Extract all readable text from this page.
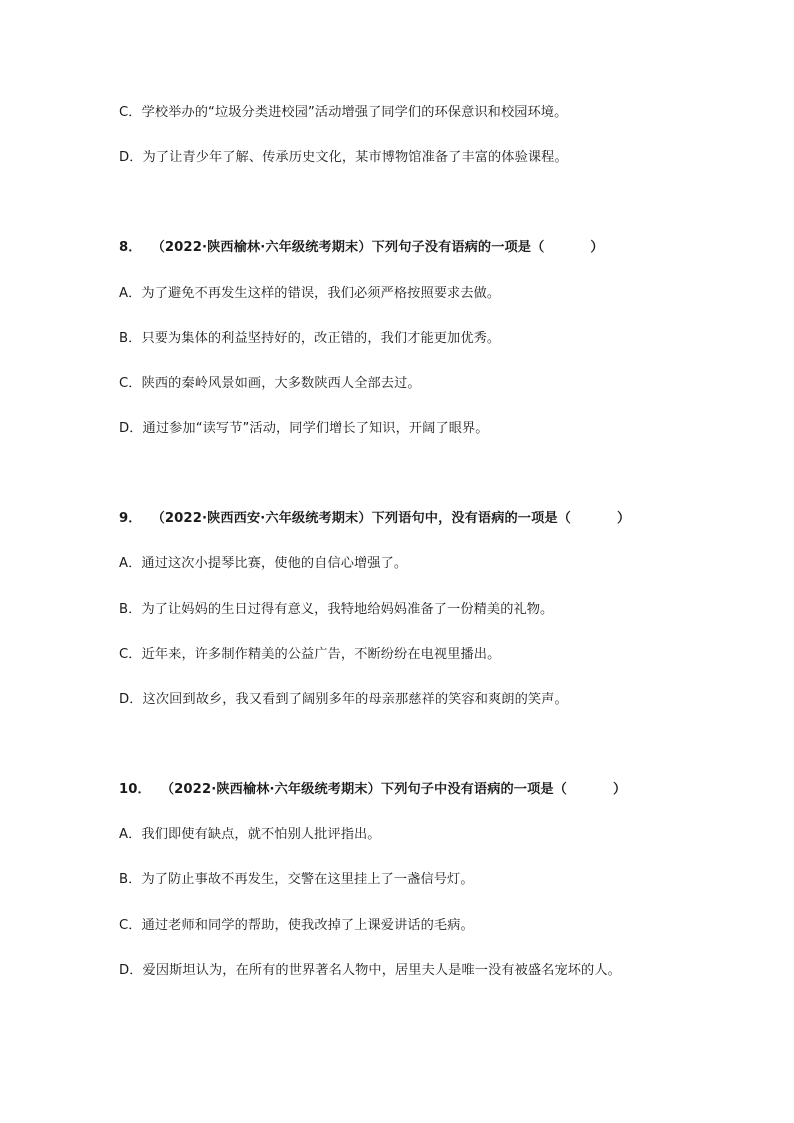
C．学校举办的“垃圾分类进校园”活动增强了同学们的环保意识和校园环境。
D．为了让青少年了解、传承历史文化，某市博物馆准备了丰富的体验课程。
8． （2022·陕西榆林·六年级统考期末）下列句子没有语病的一项是（	）
A．为了避免不再发生这样的错误，我们必须严格按照要求去做。
B．只要为集体的利益坚持好的，改正错的，我们才能更加优秀。
C．陕西的秦岭风景如画，大多数陕西人全部去过。
D．通过参加“读写节”活动，同学们增长了知识，开阔了眼界。
9． （2022·陕西西安·六年级统考期末）下列语句中，没有语病的一项是（	）
A．通过这次小提琴比赛，使他的自信心增强了。
B．为了让妈妈的生日过得有意义，我特地给妈妈准备了一份精美的礼物。
C．近年来，许多制作精美的公益广告，不断纷纷在电视里播出。
D．这次回到故乡，我又看到了阔别多年的母亲那慈祥的笑容和爽朗的笑声。
10． （2022·陕西榆林·六年级统考期末）下列句子中没有语病的一项是（	）
A．我们即使有缺点，就不怕别人批评指出。
B．为了防止事故不再发生，交警在这里挂上了一盏信号灯。
C．通过老师和同学的帮助，使我改掉了上课爱讲话的毛病。
D．爱因斯坦认为，在所有的世界著名人物中，居里夫人是唯一没有被盛名宠坏的人。
